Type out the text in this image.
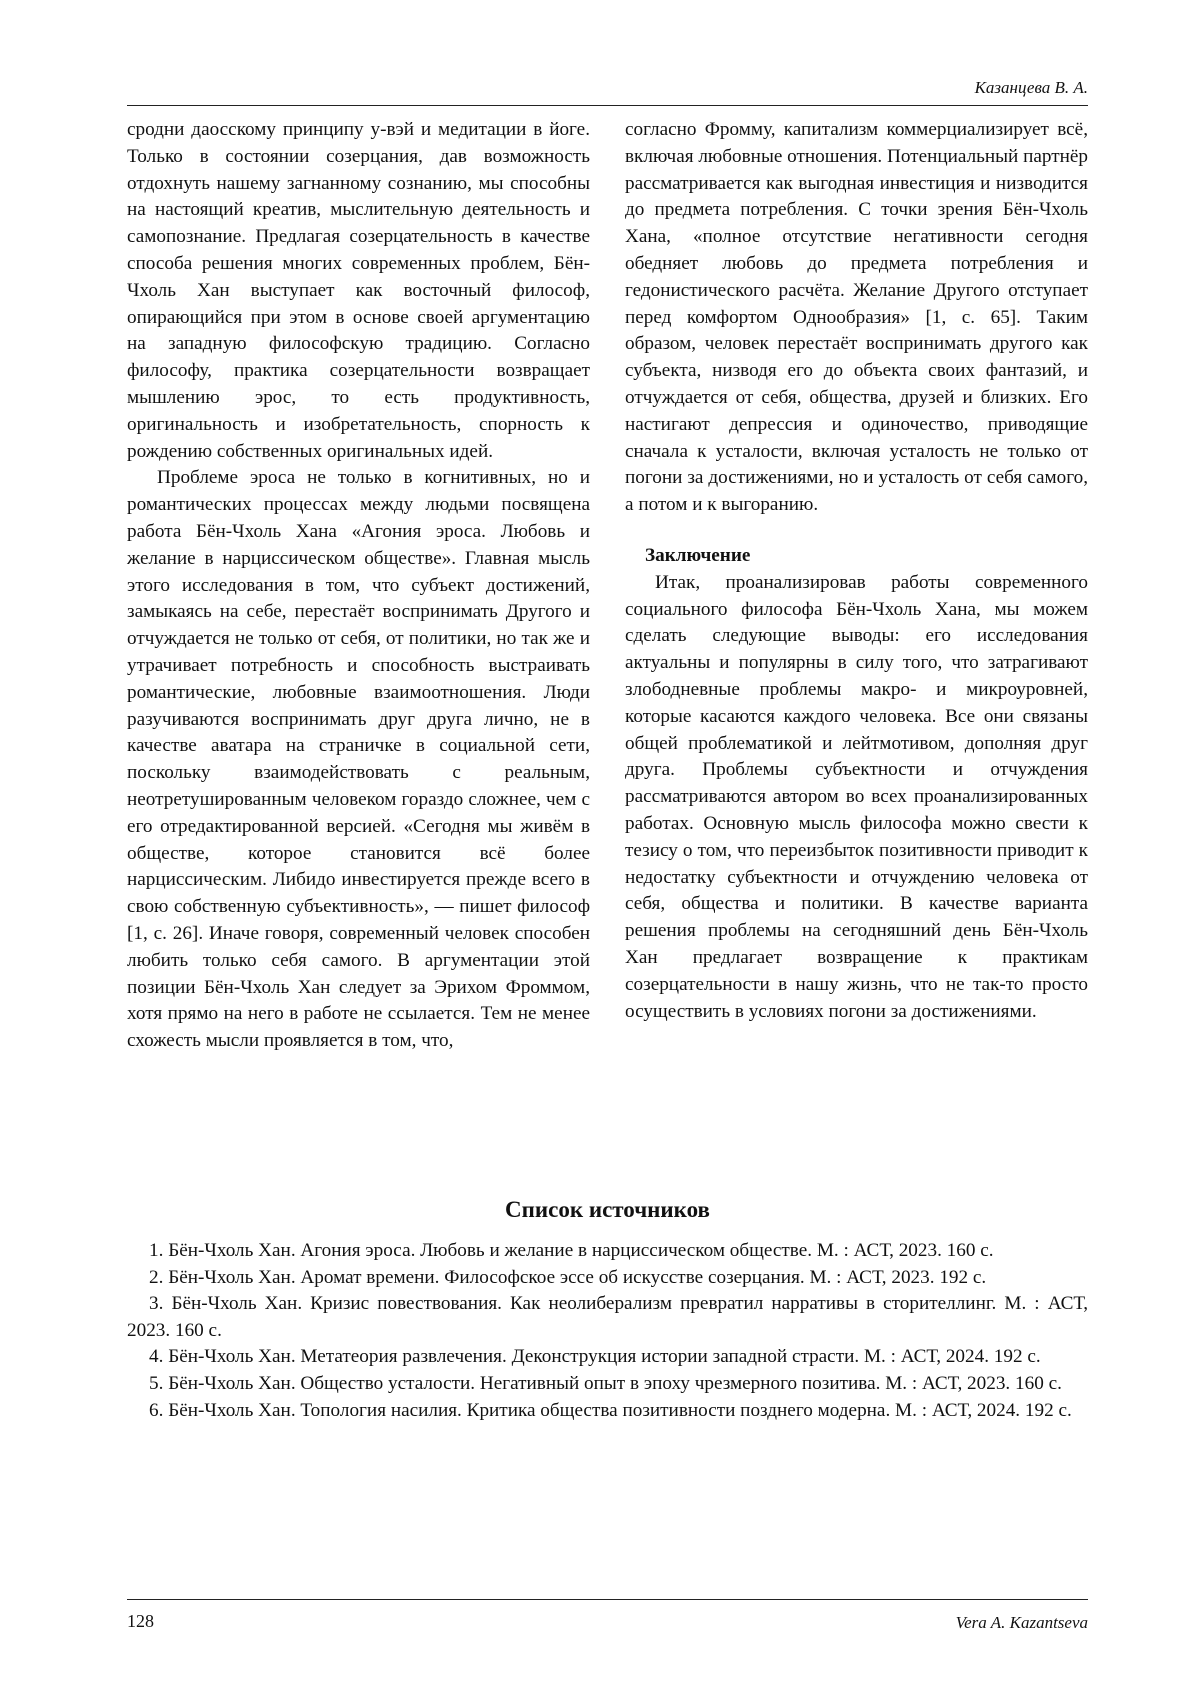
Казанцева В. А.

сродни даосскому принципу у-вэй и медитации в йоге. Только в состоянии созерцания, дав возможность отдохнуть нашему загнанному сознанию, мы способны на настоящий креатив, мыслительную деятельность и самопознание. Предлагая созерцательность в качестве способа решения многих современных проблем, Бён-Чхоль Хан выступает как восточный философ, опирающийся при этом в основе своей аргументацию на западную философскую традицию. Согласно философу, практика созерцательности возвращает мышлению эрос, то есть продуктивность, оригинальность и изобретательность, спорность к рождению собственных оригинальных идей.

Проблеме эроса не только в когнитивных, но и романтических процессах между людьми посвящена работа Бён-Чхоль Хана «Агония эроса. Любовь и желание в нарциссическом обществе». Главная мысль этого исследования в том, что субъект достижений, замыкаясь на себе, перестаёт воспринимать Другого и отчуждается не только от себя, от политики, но так же и утрачивает потребность и способность выстраивать романтические, любовные взаимоотношения. Люди разучиваются воспринимать друг друга лично, не в качестве аватара на страничке в социальной сети, поскольку взаимодействовать с реальным, неотретушированным человеком гораздо сложнее, чем с его отредактированной версией. «Сегодня мы живём в обществе, которое становится всё более нарциссическим. Либидо инвестируется прежде всего в свою собственную субъективность», — пишет философ [1, с. 26]. Иначе говоря, современный человек способен любить только себя самого. В аргументации этой позиции Бён-Чхоль Хан следует за Эрихом Фроммом, хотя прямо на него в работе не ссылается. Тем не менее схожесть мысли проявляется в том, что,

согласно Фромму, капитализм коммерциализирует всё, включая любовные отношения. Потенциальный партнёр рассматривается как выгодная инвестиция и низводится до предмета потребления. С точки зрения Бён-Чхоль Хана, «полное отсутствие негативности сегодня обедняет любовь до предмета потребления и гедонистического расчёта. Желание Другого отступает перед комфортом Однообразия» [1, с. 65]. Таким образом, человек перестаёт воспринимать другого как субъекта, низводя его до объекта своих фантазий, и отчуждается от себя, общества, друзей и близких. Его настигают депрессия и одиночество, приводящие сначала к усталости, включая усталость не только от погони за достижениями, но и усталость от себя самого, а потом и к выгоранию.

Заключение

Итак, проанализировав работы современного социального философа Бён-Чхоль Хана, мы можем сделать следующие выводы: его исследования актуальны и популярны в силу того, что затрагивают злободневные проблемы макро- и микроуровней, которые касаются каждого человека. Все они связаны общей проблематикой и лейтмотивом, дополняя друг друга. Проблемы субъектности и отчуждения рассматриваются автором во всех проанализированных работах. Основную мысль философа можно свести к тезису о том, что переизбыток позитивности приводит к недостатку субъектности и отчуждению человека от себя, общества и политики. В качестве варианта решения проблемы на сегодняшний день Бён-Чхоль Хан предлагает возвращение к практикам созерцательности в нашу жизнь, что не так-то просто осуществить в условиях погони за достижениями.

Список источников

1. Бён-Чхоль Хан. Агония эроса. Любовь и желание в нарциссическом обществе. М. : АСТ, 2023. 160 с.

2. Бён-Чхоль Хан. Аромат времени. Философское эссе об искусстве созерцания. М. : АСТ, 2023. 192 с.

3. Бён-Чхоль Хан. Кризис повествования. Как неолиберализм превратил нарративы в сторителлинг. М. : АСТ, 2023. 160 с.

4. Бён-Чхоль Хан. Метатеория развлечения. Деконструкция истории западной страсти. М. : АСТ, 2024. 192 с.

5. Бён-Чхоль Хан. Общество усталости. Негативный опыт в эпоху чрезмерного позитива. М. : АСТ, 2023. 160 с.

6. Бён-Чхоль Хан. Топология насилия. Критика общества позитивности позднего модерна. М. : АСТ, 2024. 192 с.

128	Vera A. Kazantseva
